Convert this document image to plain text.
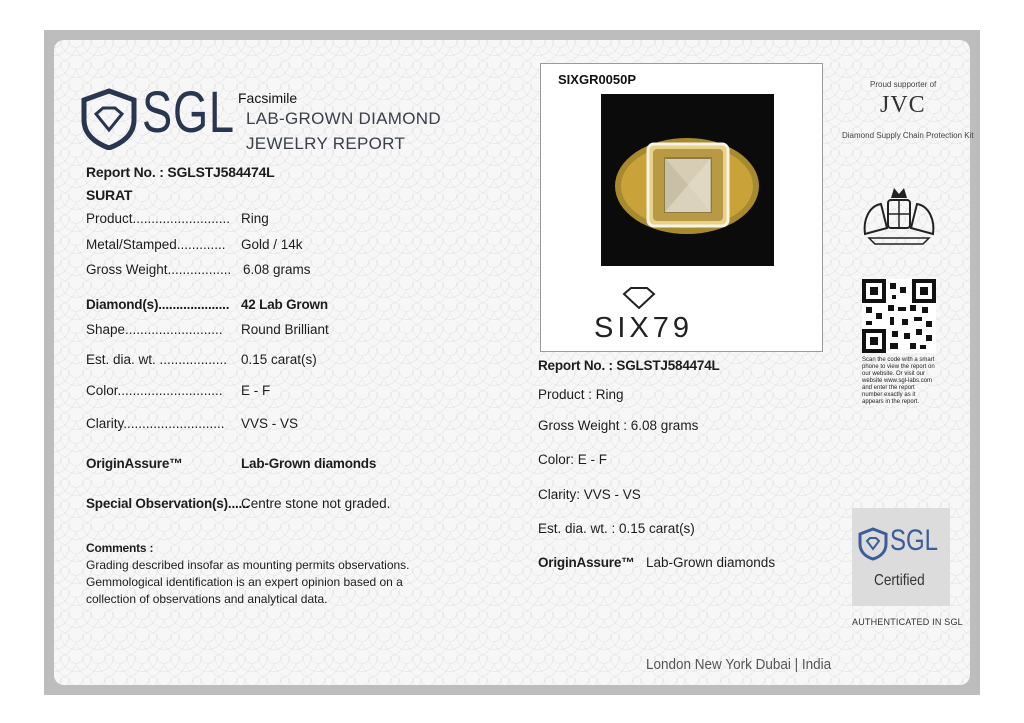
SGL Facsimile
LAB-GROWN DIAMOND
JEWELRY REPORT
Report No. : SGLSTJ584474L
SURAT
Product.......................... Ring
Metal/Stamped............. Gold / 14k
Gross Weight................. 6.08 grams
Diamond(s).................... 42 Lab Grown
Shape.......................... Round Brilliant
Est. dia. wt. .................. 0.15 carat(s)
Color............................ E - F
Clarity........................... VVS - VS
OriginAssure™	Lab-Grown diamonds
Special Observation(s)......
Centre stone not graded.
Comments :
Grading described insofar as mounting permits observations.
Gemmological identification is an expert opinion based on a
collection of observations and analytical data.
SIXGR0050P
SIX79
Report No. : SGLSTJ584474L
Product : Ring
Gross Weight : 6.08 grams
Color: E - F
Clarity: VVS - VS
Est. dia. wt. : 0.15 carat(s)
OriginAssure™ Lab-Grown diamonds
Proud supporter of
JVC
Diamond Supply Chain Protection Kit
Scan the code with a smart phone to view the report on our website. Or visit our website www.sgl-labs.com and enter the report number exactly as it appears in the report.
SGL
Certified
AUTHENTICATED IN SGL
London New York Dubai | India
